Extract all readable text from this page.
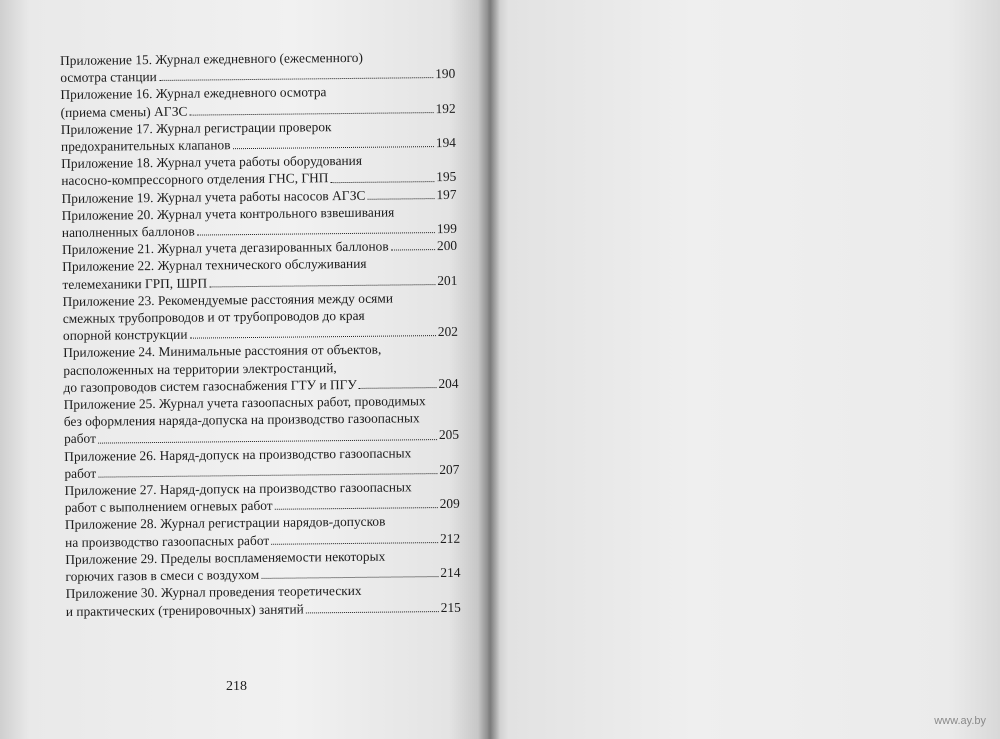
Приложение 15. Журнал ежедневного (ежесменного)
осмотра станции	190
Приложение 16. Журнал ежедневного осмотра
(приема смены) АГЗС	192
Приложение 17. Журнал регистрации проверок
предохранительных клапанов	194
Приложение 18. Журнал учета работы оборудования
насосно-компрессорного отделения ГНС, ГНП	195
Приложение 19. Журнал учета работы насосов АГЗС	197
Приложение 20. Журнал учета контрольного взвешивания
наполненных баллонов	199
Приложение 21. Журнал учета дегазированных баллонов	200
Приложение 22. Журнал технического обслуживания
телемеханики ГРП, ШРП	201
Приложение 23. Рекомендуемые расстояния между осями
смежных трубопроводов и от трубопроводов до края
опорной конструкции	202
Приложение 24. Минимальные расстояния от объектов,
расположенных на территории электростанций,
до газопроводов систем газоснабжения ГТУ и ПГУ	204
Приложение 25. Журнал учета газоопасных работ, проводимых
без оформления наряда-допуска на производство газоопасных
работ	205
Приложение 26. Наряд-допуск на производство газоопасных
работ	207
Приложение 27. Наряд-допуск на производство газоопасных
работ с выполнением огневых работ	209
Приложение 28. Журнал регистрации нарядов-допусков
на производство газоопасных работ	212
Приложение 29. Пределы воспламеняемости некоторых
горючих газов в смеси с воздухом	214
Приложение 30. Журнал проведения теоретических
и практических (тренировочных) занятий	215
218
www.ay.by
